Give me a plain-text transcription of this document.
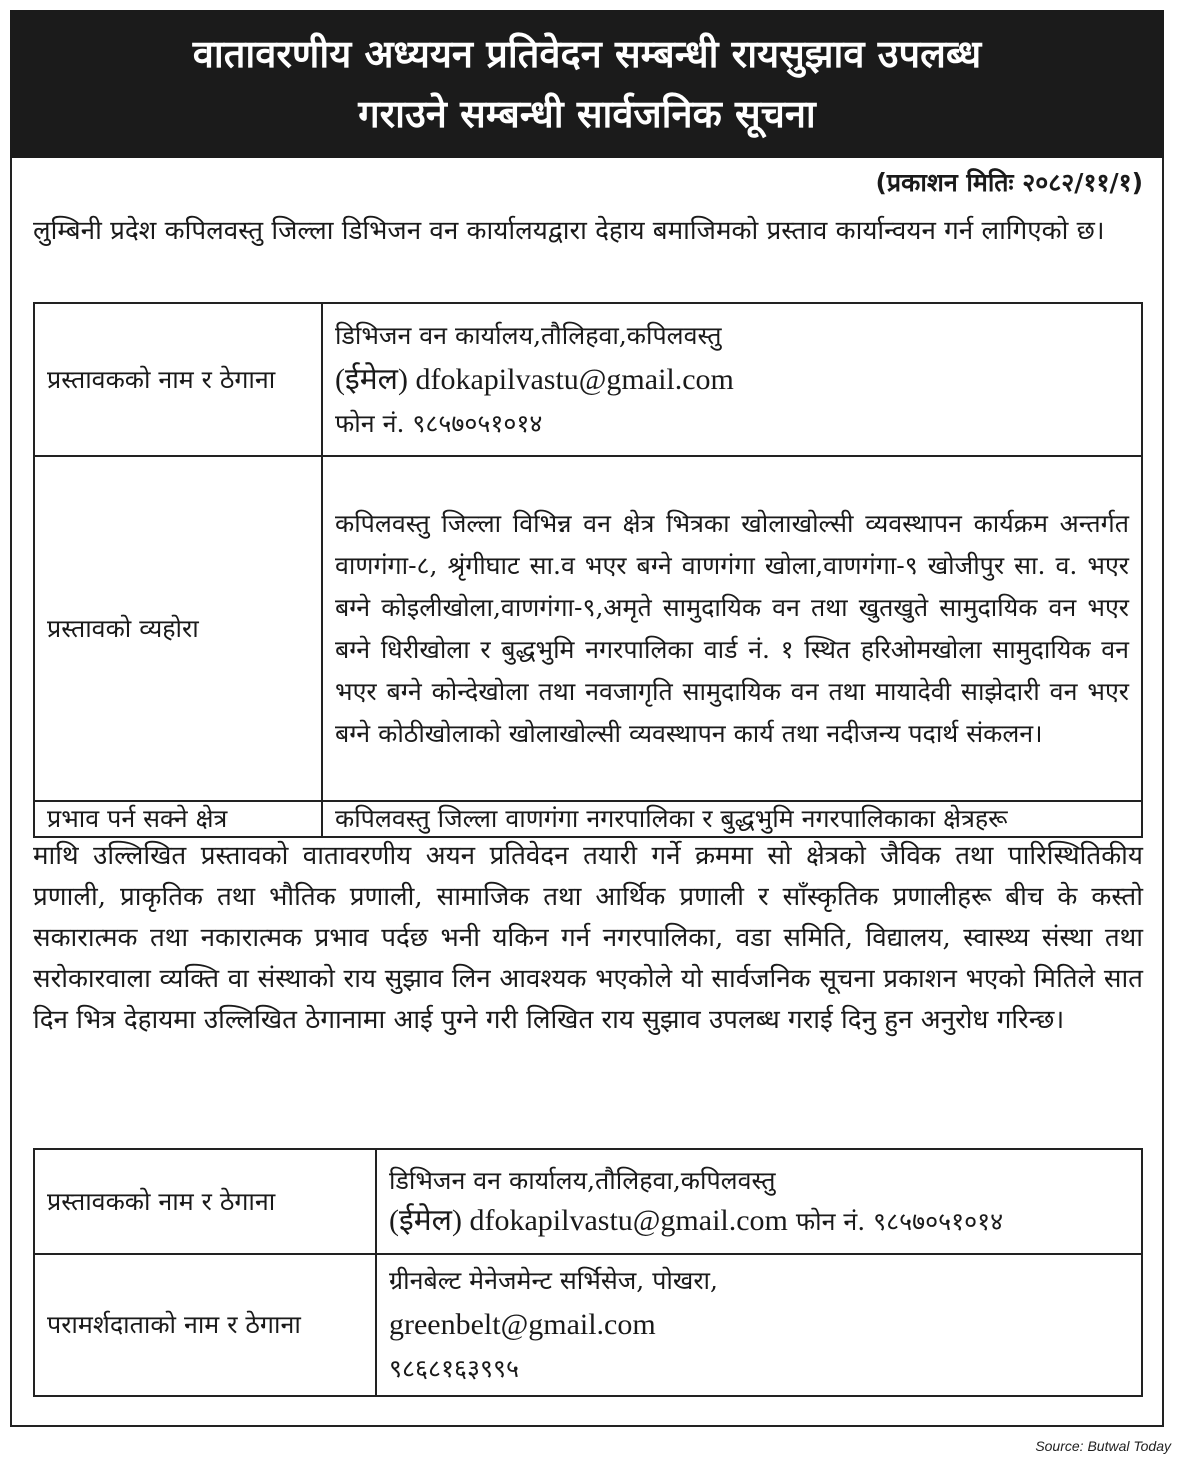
वातावरणीय अध्ययन प्रतिवेदन सम्बन्धी रायसुझाव उपलब्ध
गराउने सम्बन्धी सार्वजनिक सूचना
(प्रकाशन मितिः २०८२/११/१)
लुम्बिनी प्रदेश कपिलवस्तु जिल्ला डिभिजन वन कार्यालयद्वारा देहाय बमाजिमको प्रस्ताव कार्यान्वयन गर्न लागिएको छ।
प्रस्तावकको नाम र ठेगाना	डिभिजन वन कार्यालय,तौलिहवा,कपिलवस्तु
(ईमेल) dfokapilvastu@gmail.com
फोन नं. ९८५७०५१०१४

प्रस्तावको व्यहोरा	कपिलवस्तु जिल्ला विभिन्न वन क्षेत्र भित्रका खोलाखोल्सी व्यवस्थापन कार्यक्रम अन्तर्गत वाणगंगा-८, श्रृंगीघाट सा.व भएर बग्ने वाणगंगा खोला,वाणगंगा-९ खोजीपुर सा. व. भएर बग्ने कोइलीखोला,वाणगंगा-९,अमृते सामुदायिक वन तथा खुतखुते सामुदायिक वन भएर बग्ने धिरीखोला र बुद्धभुमि नगरपालिका वार्ड नं. १ स्थित हरिओमखोला सामुदायिक वन भएर बग्ने कोन्देखोला तथा नवजागृति सामुदायिक वन तथा मायादेवी साझेदारी वन भएर बग्ने कोठीखोलाको खोलाखोल्सी व्यवस्थापन कार्य तथा नदीजन्य पदार्थ संकलन।
प्रभाव पर्न सक्ने क्षेत्र	कपिलवस्तु जिल्ला वाणगंगा नगरपालिका र बुद्धभुमि नगरपालिकाका क्षेत्रहरू
माथि उल्लिखित प्रस्तावको वातावरणीय अयन प्रतिवेदन तयारी गर्ने क्रममा सो क्षेत्रको जैविक तथा पारिस्थितिकीय प्रणाली, प्राकृतिक तथा भौतिक प्रणाली, सामाजिक तथा आर्थिक प्रणाली र साँस्कृतिक प्रणालीहरू बीच के कस्तो सकारात्मक तथा नकारात्मक प्रभाव पर्दछ भनी यकिन गर्न नगरपालिका, वडा समिति, विद्यालय, स्वास्थ्य संस्था तथा सरोकारवाला व्यक्ति वा संस्थाको राय सुझाव लिन आवश्यक भएकोले यो सार्वजनिक सूचना प्रकाशन भएको मितिले सात दिन भित्र देहायमा उल्लिखित ठेगानामा आई पुग्ने गरी लिखित राय सुझाव उपलब्ध गराई दिनु हुन अनुरोध गरिन्छ।
प्रस्तावकको नाम र ठेगाना	डिभिजन वन कार्यालय,तौलिहवा,कपिलवस्तु
(ईमेल) dfokapilvastu@gmail.com फोन नं. ९८५७०५१०१४
परामर्शदाताको नाम र ठेगाना	ग्रीनबेल्ट मेनेजमेन्ट सर्भिसेज, पोखरा,
greenbelt@gmail.com
९८६८१६३९९५
Source: Butwal Today
